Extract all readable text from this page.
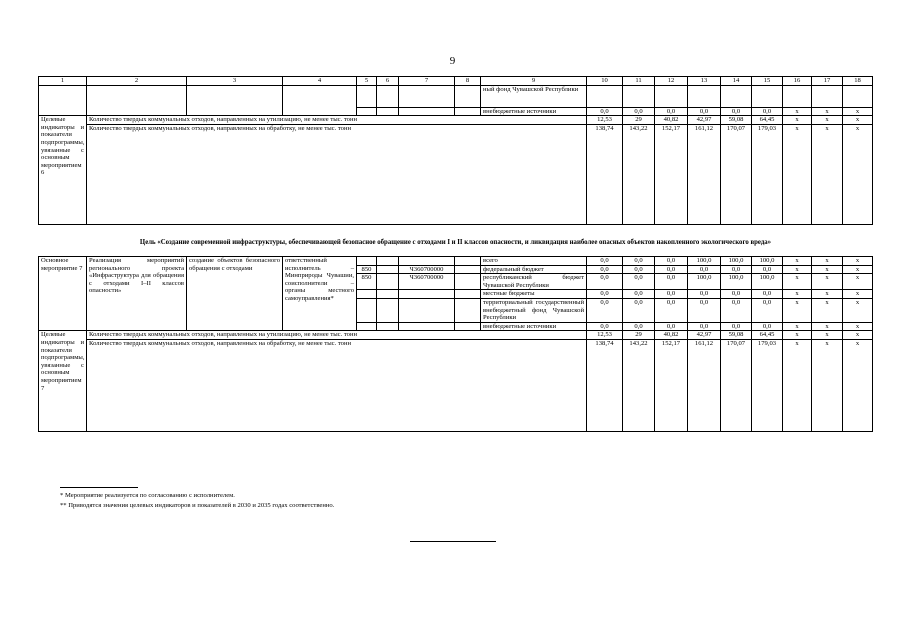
9
1	2	3	4	5	6	7	8	9	10	11	12	13	14	15	16	17	18
								ный фонд Чувашской Республики									
								внебюджетные источники	0,0	0,0	0,0	0,0	0,0	0,0	х	х	х
Целевые индикаторы и показатели подпрограммы, увязанные с основным мероприятием 6	Количество твердых коммунальных отходов, направленных на утилизацию, не менее тыс. тонн								12,53	29	40,82	42,97	59,08	64,45	х	х	х
	Количество твердых коммунальных отходов, направленных на обработку, не менее тыс. тонн								138,74	143,22	152,17	161,12	170,07	179,03	х	х	х
Цель «Создание современной инфраструктуры, обеспечивающей безопасное обращение с отходами I и II классов опасности, и ликвидация наиболее опасных объектов накопленного экологического вреда»
Основное мероприятие 7	Реализация мероприятий регионального проекта «Инфраструктура для обращения с отходами I–II классов опасности»	создание объектов безопасного обращения с отходами	ответственный исполнитель – Минприроды Чувашии, соисполнители – органы местного самоуправления*					всего	0,0	0,0	0,0	100,0	100,0	100,0	х	х	х
				850		Ч360700000		федеральный бюджет	0,0	0,0	0,0	0,0	0,0	0,0	х	х	х
				850		Ч360700000		республиканский бюджет Чувашской Республики	0,0	0,0	0,0	100,0	100,0	100,0	х	х	х
								местные бюджеты	0,0	0,0	0,0	0,0	0,0	0,0	х	х	х
								территориальный государственный внебюджетный фонд Чувашской Республики	0,0	0,0	0,0	0,0	0,0	0,0	х	х	х
								внебюджетные источники	0,0	0,0	0,0	0,0	0,0	0,0	х	х	х
Целевые индикаторы и показатели подпрограммы, увязанные с основным мероприятием 7	Количество твердых коммунальных отходов, направленных на утилизацию, не менее тыс. тонн								12,53	29	40,82	42,97	59,08	64,45	х	х	х
	Количество твердых коммунальных отходов, направленных на обработку, не менее тыс. тонн								138,74	143,22	152,17	161,12	170,07	179,03	х	х	х
* Мероприятие реализуется по согласованию с исполнителем.
** Приводятся значения целевых индикаторов и показателей в 2030 и 2035 годах соответственно.
